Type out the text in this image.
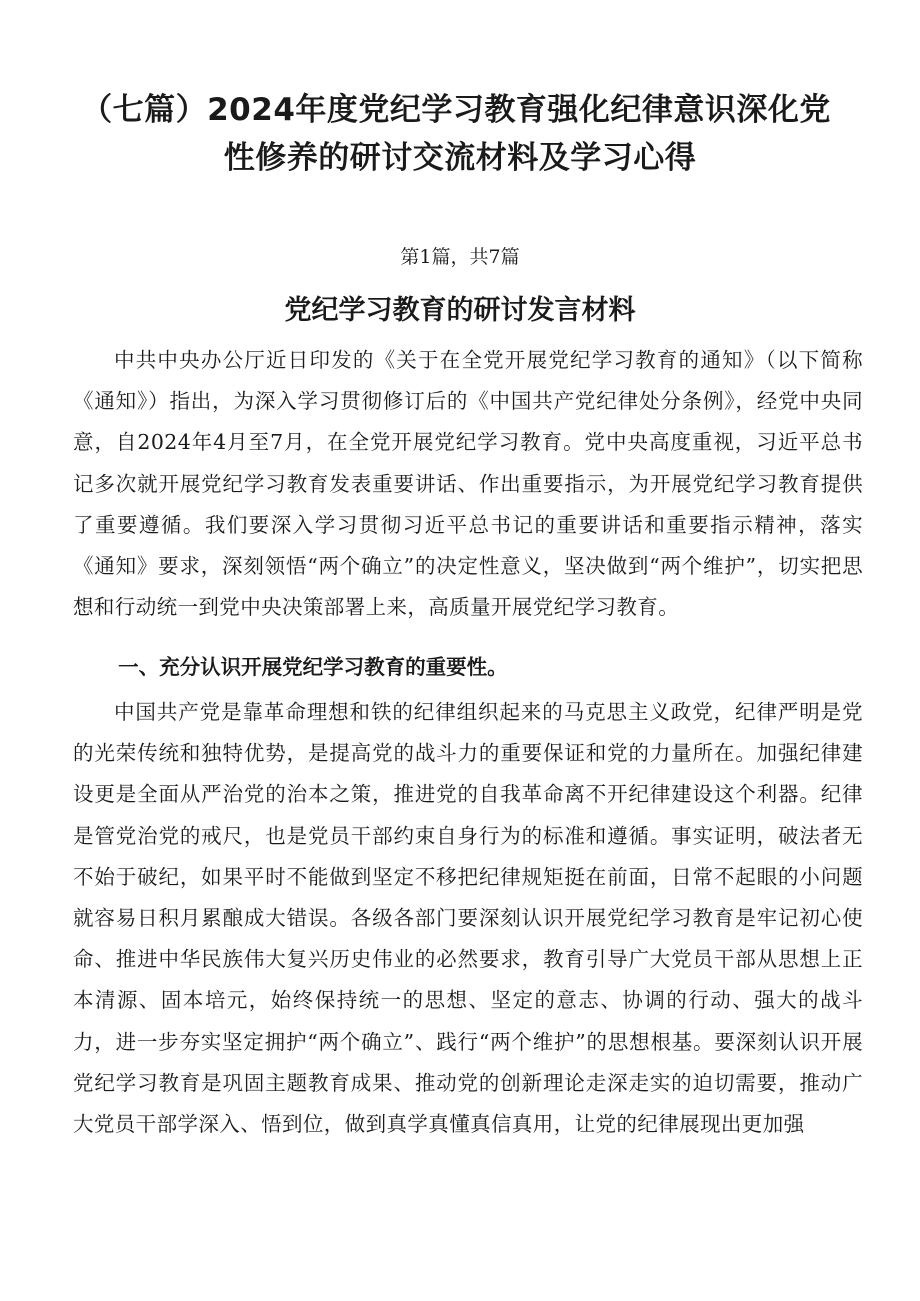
（七篇）2024年度党纪学习教育强化纪律意识深化党
性修养的研讨交流材料及学习心得
第1篇，共7篇
党纪学习教育的研讨发言材料

中共中央办公厅近日印发的《关于在全党开展党纪学习教育的通知》（以下简称《通知》）指出，为深入学习贯彻修订后的《中国共产党纪律处分条例》，经党中央同意，自2024年4月至7月，在全党开展党纪学习教育。党中央高度重视，习近平总书记多次就开展党纪学习教育发表重要讲话、作出重要指示，为开展党纪学习教育提供了重要遵循。我们要深入学习贯彻习近平总书记的重要讲话和重要指示精神，落实《通知》要求，深刻领悟“两个确立”的决定性意义，坚决做到“两个维护”，切实把思想和行动统一到党中央决策部署上来，高质量开展党纪学习教育。

一、充分认识开展党纪学习教育的重要性。

中国共产党是靠革命理想和铁的纪律组织起来的马克思主义政党，纪律严明是党的光荣传统和独特优势，是提高党的战斗力的重要保证和党的力量所在。加强纪律建设更是全面从严治党的治本之策，推进党的自我革命离不开纪律建设这个利器。纪律是管党治党的戒尺，也是党员干部约束自身行为的标准和遵循。事实证明，破法者无不始于破纪，如果平时不能做到坚定不移把纪律规矩挺在前面，日常不起眼的小问题就容易日积月累酿成大错误。各级各部门要深刻认识开展党纪学习教育是牢记初心使命、推进中华民族伟大复兴历史伟业的必然要求，教育引导广大党员干部从思想上正本清源、固本培元，始终保持统一的思想、坚定的意志、协调的行动、强大的战斗力，进一步夯实坚定拥护“两个确立”、践行“两个维护”的思想根基。要深刻认识开展党纪学习教育是巩固主题教育成果、推动党的创新理论走深走实的迫切需要，推动广大党员干部学深入、悟到位，做到真学真懂真信真用，让党的纪律展现出更加强
